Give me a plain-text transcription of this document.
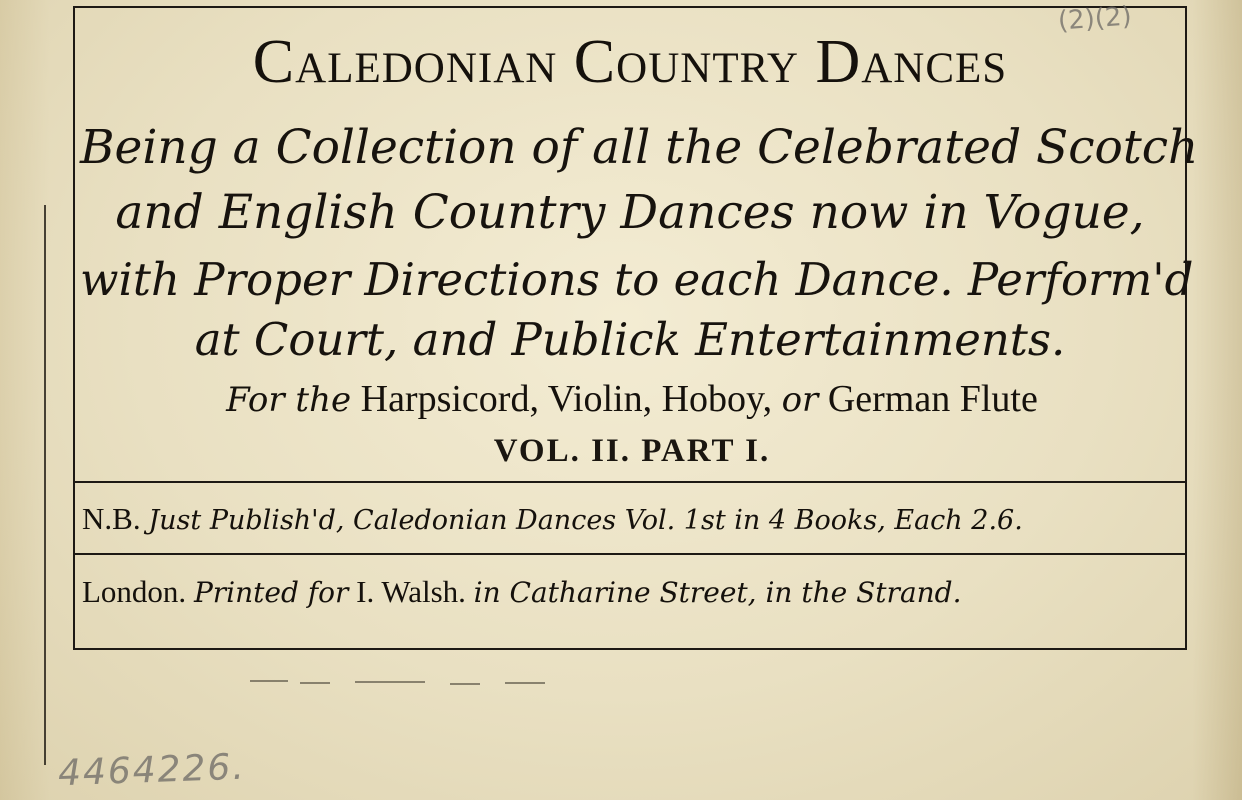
Caledonian Country Dances
Being a Collection of all the Celebrated Scotch
and English Country Dances now in Vogue,
with Proper Directions to each Dance. Perform'd
at Court, and Publick Entertainments.
For the Harpsicord, Violin, Hoboy, or German Flute
VOL. II. PART I.
N.B. Just Publish'd, Caledonian Dances Vol. 1st in 4 Books, Each 2.6.
London. Printed for I. Walsh. in Catharine Street, in the Strand.
(2)(2)
4464226.
